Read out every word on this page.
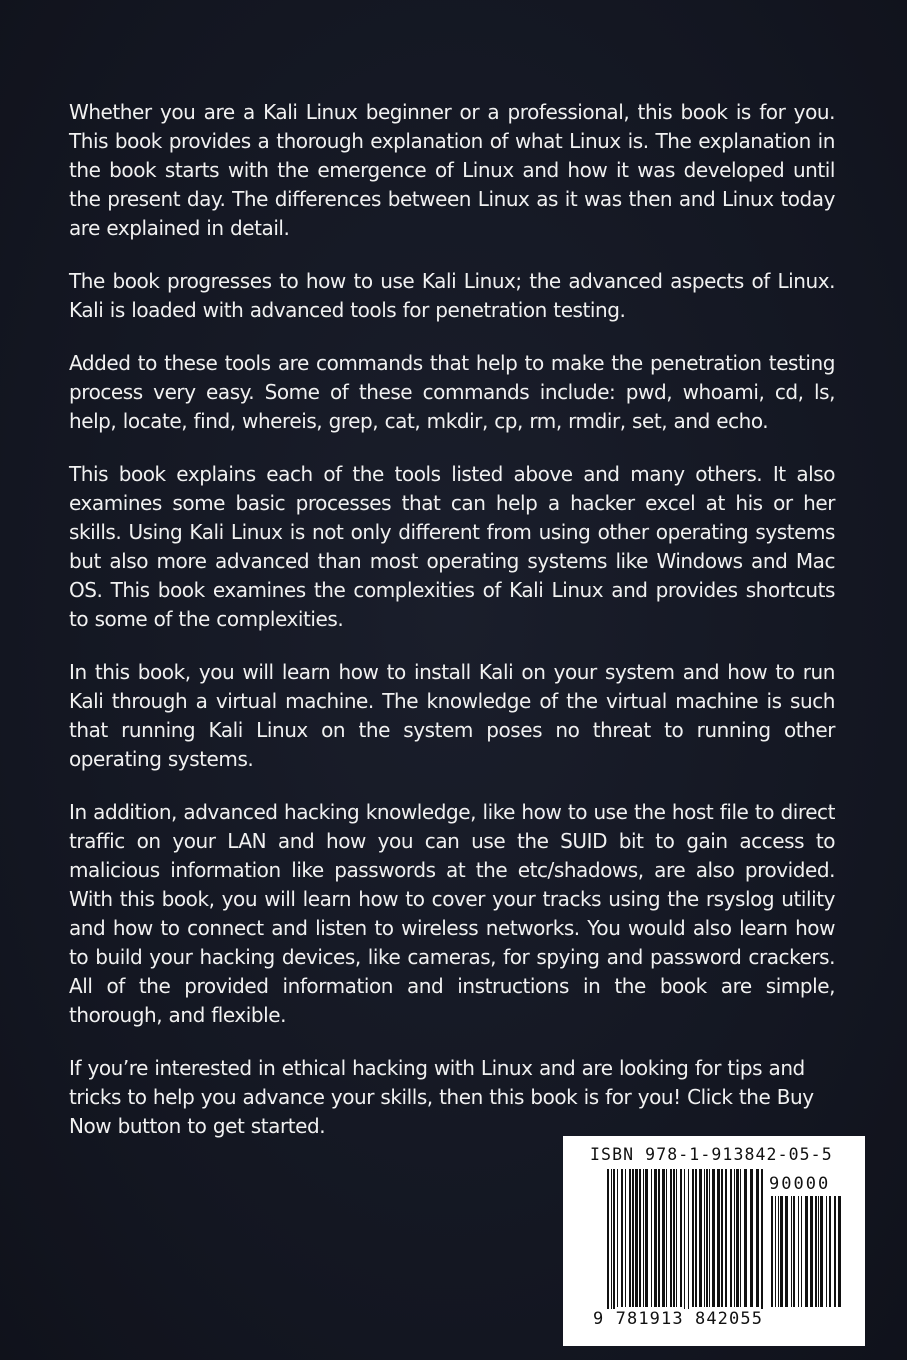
Whether you are a Kali Linux beginner or a professional, this book is for you. This book provides a thorough explanation of what Linux is. The explanation in the book starts with the emergence of Linux and how it was developed until the present day. The differences between Linux as it was then and Linux today are explained in detail.

The book progresses to how to use Kali Linux; the advanced aspects of Linux. Kali is loaded with advanced tools for penetration testing.

Added to these tools are commands that help to make the penetration testing process very easy. Some of these commands include: pwd, whoami, cd, ls, help, locate, find, whereis, grep, cat, mkdir, cp, rm, rmdir, set, and echo.

This book explains each of the tools listed above and many others. It also examines some basic processes that can help a hacker excel at his or her skills. Using Kali Linux is not only different from using other operating systems but also more advanced than most operating systems like Windows and Mac OS. This book examines the complexities of Kali Linux and provides shortcuts to some of the complexities.

In this book, you will learn how to install Kali on your system and how to run Kali through a virtual machine. The knowledge of the virtual machine is such that running Kali Linux on the system poses no threat to running other operating systems.

In addition, advanced hacking knowledge, like how to use the host file to direct traffic on your LAN and how you can use the SUID bit to gain access to malicious information like passwords at the etc/shadows, are also provided. With this book, you will learn how to cover your tracks using the rsyslog utility and how to connect and listen to wireless networks. You would also learn how to build your hacking devices, like cameras, for spying and password crackers. All of the provided information and instructions in the book are simple, thorough, and flexible.

If you’re interested in ethical hacking with Linux and are looking for tips and tricks to help you advance your skills, then this book is for you! Click the Buy Now button to get started.

ISBN 978-1-913842-05-5
90000
9 781913 842055
